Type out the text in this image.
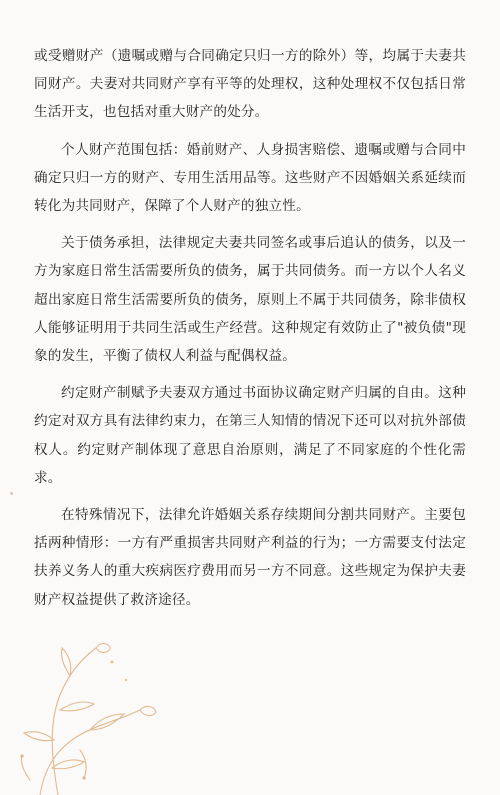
或受赠财产（遗嘱或赠与合同确定只归一方的除外）等，均属于夫妻共同财产。夫妻对共同财产享有平等的处理权，这种处理权不仅包括日常生活开支，也包括对重大财产的处分。

个人财产范围包括：婚前财产、人身损害赔偿、遗嘱或赠与合同中确定只归一方的财产、专用生活用品等。这些财产不因婚姻关系延续而转化为共同财产，保障了个人财产的独立性。

关于债务承担，法律规定夫妻共同签名或事后追认的债务，以及一方为家庭日常生活需要所负的债务，属于共同债务。而一方以个人名义超出家庭日常生活需要所负的债务，原则上不属于共同债务，除非债权人能够证明用于共同生活或生产经营。这种规定有效防止了"被负债"现象的发生，平衡了债权人利益与配偶权益。

约定财产制赋予夫妻双方通过书面协议确定财产归属的自由。这种约定对双方具有法律约束力，在第三人知情的情况下还可以对抗外部债权人。约定财产制体现了意思自治原则，满足了不同家庭的个性化需求。

在特殊情况下，法律允许婚姻关系存续期间分割共同财产。主要包括两种情形：一方有严重损害共同财产利益的行为；一方需要支付法定扶养义务人的重大疾病医疗费用而另一方不同意。这些规定为保护夫妻财产权益提供了救济途径。
